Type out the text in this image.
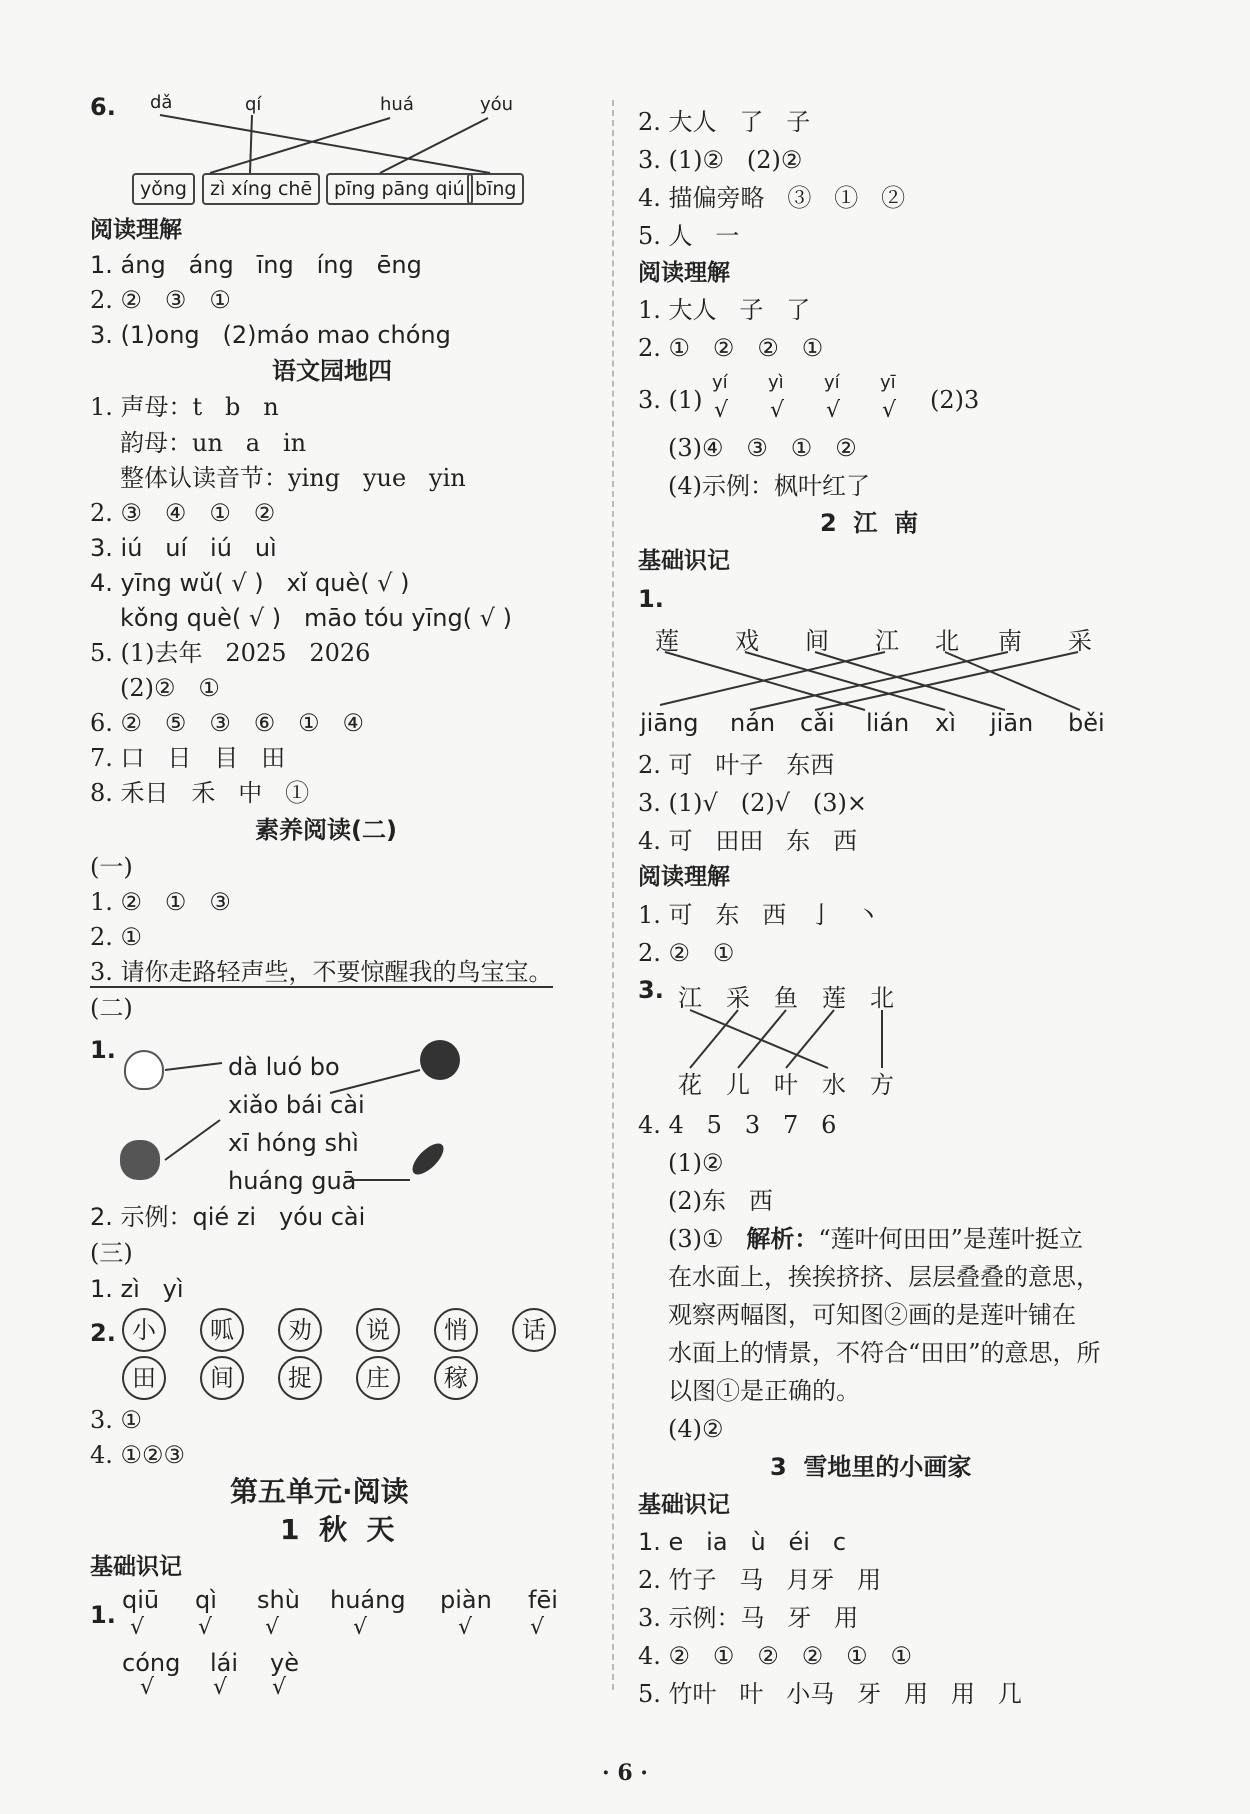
6. dǎ	qí	huá	yóu
yǒng	zì xíng chē	pīng pāng qiú bīng
阅读理解
1. áng   áng   īng   íng   ēng
2. ②   ③   ①
3. (1)ong   (2)máo mao chóng
语文园地四
1. 声母：t   b   n
韵母：un   a   in
整体认读音节：ying   yue   yin
2. ③   ④   ①   ②
3. iú   uí   iú   uì
4. yīng wǔ( √ )   xǐ què( √ )
kǒng què( √ )   māo tóu yīng( √ )
5. (1)去年   2025   2026
(2)②   ①
6. ②   ⑤   ③   ⑥   ①   ④
7. 口   日   目   田
8. 禾日   禾   中   ①
素养阅读(二)
(一)
1. ②   ①   ③
2. ①
3. 请你走路轻声些，不要惊醒我的鸟宝宝。
(二)
1.
dà luó bo
xiǎo bái cài
xī hóng shì
huáng guā
2. 示例：qié zi   yóu cài
(三)
1. zì   yì
2. 小	呱	劝	说	悄	话
田	间	捉	庄	稼
3. ①
4. ①②③
第五单元·阅读
1  秋  天
基础识记
1.
qiū qì shù huáng piàn fēi
√ √ √	√	√	√
cóng lái yè
√	√ √
2. 大人   了   子
3. (1)②   (2)②
4. 描偏旁略   ③   ①   ②
5. 人   一
阅读理解
1. 大人   子   了
2. ①   ②   ②   ①
3. (1)
yí yì yí yī
√ √ √ √ (2)3
(3)④   ③   ①   ②
(4)示例：枫叶红了
2  江  南
基础识记
1.
莲 戏 间 江 北 南 采
jiāng nán cǎi lián xì jiān běi
2. 可   叶子   东西
3. (1)√   (2)√   (3)×
4. 可   田田   东   西
阅读理解
1. 可   东   西   亅   丶
2. ②   ①
3. 江 采 鱼 莲 北
花 儿 叶 水 方
4. 4   5   3   7   6
(1)②
(2)东   西
(3)① 解析：“莲叶何田田”是莲叶挺立
在水面上，挨挨挤挤、层层叠叠的意思，
观察两幅图，可知图②画的是莲叶铺在
水面上的情景，不符合“田田”的意思，所
以图①是正确的。
(4)②
3  雪地里的小画家
基础识记
1. e   ia   ù   éi   c
2. 竹子   马   月牙   用
3. 示例：马   牙   用
4. ②   ①   ②   ②   ①   ①
5. 竹叶   叶   小马   牙   用   用   几
· 6 ·
